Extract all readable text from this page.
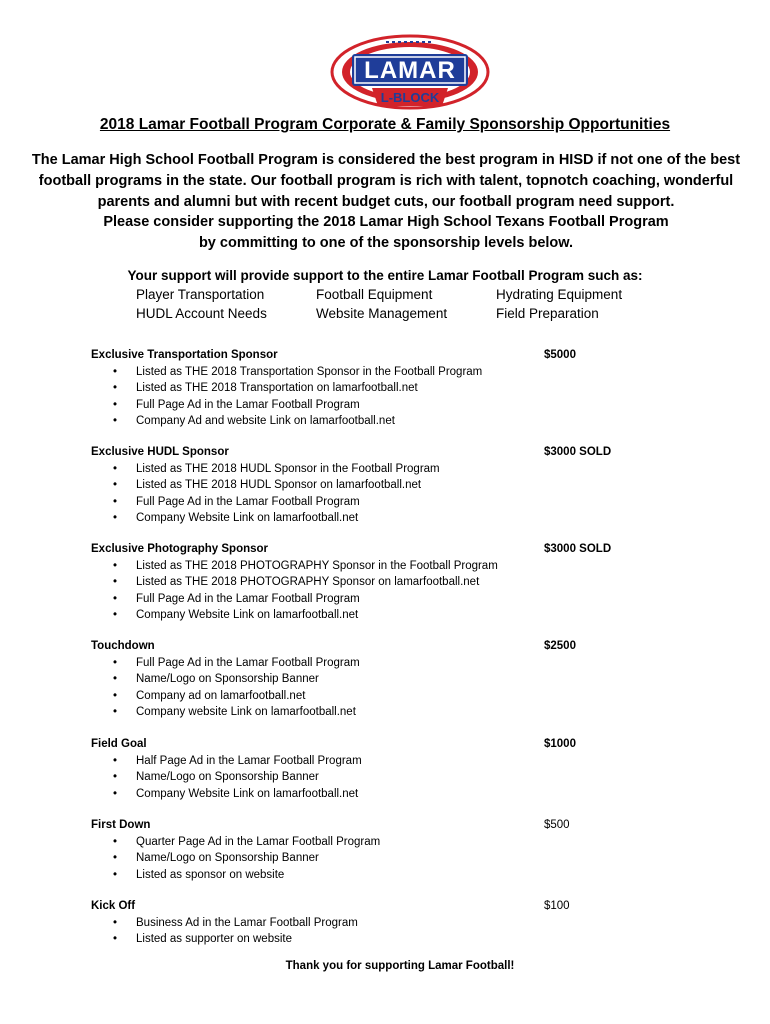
LAMAR
L-BLOCK
2018 Lamar Football Program Corporate & Family Sponsorship Opportunities
The Lamar High School Football Program is considered the best program in HISD if not one of the best
football programs in the state. Our football program is rich with talent, topnotch coaching, wonderful
parents and alumni but with recent budget cuts, our football program need support.
Please consider supporting the 2018 Lamar High School Texans Football Program
by committing to one of the sponsorship levels below.
Your support will provide support to the entire Lamar Football Program such as:
Player Transportation	Football Equipment	Hydrating Equipment
HUDL Account Needs	Website Management	Field Preparation
Exclusive Transportation Sponsor	$5000
• Listed as THE 2018 Transportation Sponsor in the Football Program
• Listed as THE 2018 Transportation on lamarfootball.net
• Full Page Ad in the Lamar Football Program
• Company Ad and website Link on lamarfootball.net
Exclusive HUDL Sponsor	$3000 SOLD
• Listed as THE 2018 HUDL Sponsor in the Football Program
• Listed as THE 2018 HUDL Sponsor on lamarfootball.net
• Full Page Ad in the Lamar Football Program
• Company Website Link on lamarfootball.net
Exclusive Photography Sponsor	$3000 SOLD
• Listed as THE 2018 PHOTOGRAPHY Sponsor in the Football Program
• Listed as THE 2018 PHOTOGRAPHY Sponsor on lamarfootball.net
• Full Page Ad in the Lamar Football Program
• Company Website Link on lamarfootball.net
Touchdown	$2500
• Full Page Ad in the Lamar Football Program
• Name/Logo on Sponsorship Banner
• Company ad on lamarfootball.net
• Company website Link on lamarfootball.net
Field Goal	$1000
• Half Page Ad in the Lamar Football Program
• Name/Logo on Sponsorship Banner
• Company Website Link on lamarfootball.net
First Down	$500
• Quarter Page Ad in the Lamar Football Program
• Name/Logo on Sponsorship Banner
• Listed as sponsor on website
Kick Off	$100
• Business Ad in the Lamar Football Program
• Listed as supporter on website
Thank you for supporting Lamar Football!
